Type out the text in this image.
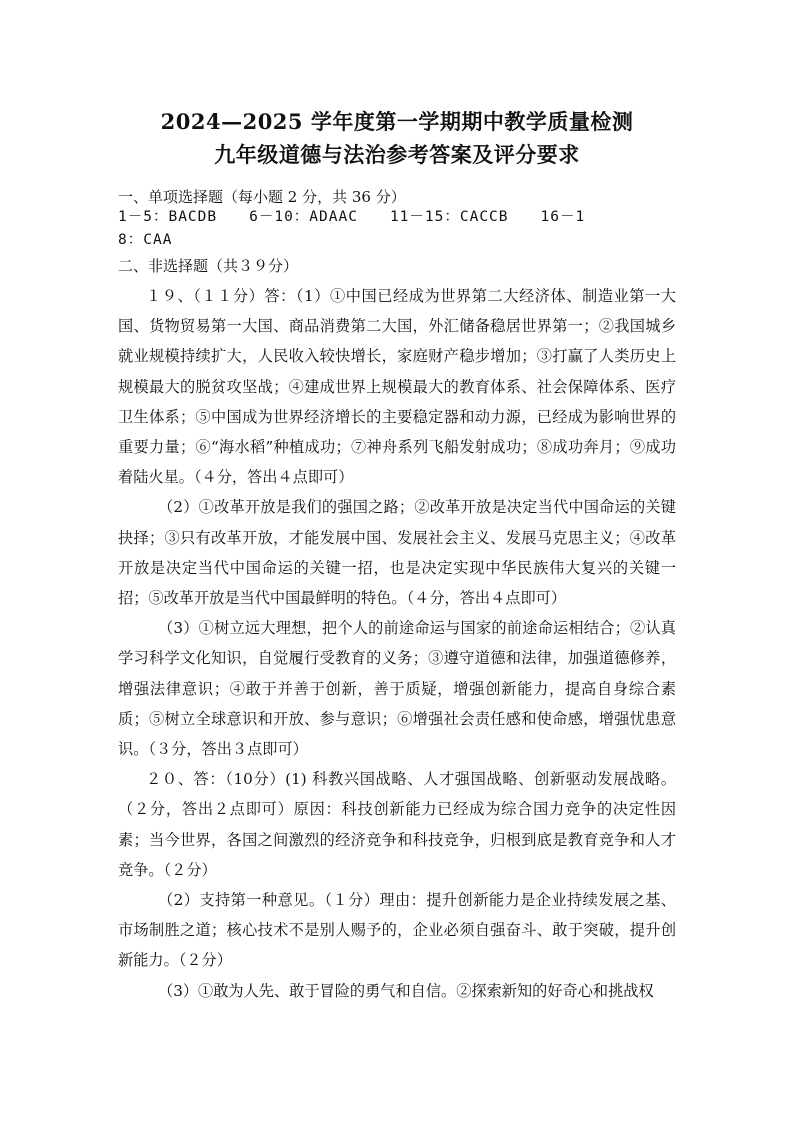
2024—2025 学年度第一学期期中教学质量检测
九年级道德与法治参考答案及评分要求
一、单项选择题（每小题 2 分，共 36 分）
1－5：BACDB 6－10：ADAAC 11－15：CACCB 16－1
8：CAA
二、非选择题（共３９分）

１９、（１１分）答：（1）①中国已经成为世界第二大经济体、制造业第一大国、货物贸易第一大国、商品消费第二大国，外汇储备稳居世界第一；②我国城乡就业规模持续扩大，人民收入较快增长，家庭财产稳步增加；③打赢了人类历史上规模最大的脱贫攻坚战；④建成世界上规模最大的教育体系、社会保障体系、医疗卫生体系；⑤中国成为世界经济增长的主要稳定器和动力源，已经成为影响世界的重要力量；⑥“海水稻”种植成功；⑦神舟系列飞船发射成功；⑧成功奔月；⑨成功着陆火星。（４分，答出４点即可）

（2）①改革开放是我们的强国之路；②改革开放是决定当代中国命运的关键抉择；③只有改革开放，才能发展中国、发展社会主义、发展马克思主义；④改革开放是决定当代中国命运的关键一招，也是决定实现中华民族伟大复兴的关键一招；⑤改革开放是当代中国最鲜明的特色。（４分，答出４点即可）

（3）①树立远大理想，把个人的前途命运与国家的前途命运相结合；②认真学习科学文化知识，自觉履行受教育的义务；③遵守道德和法律，加强道德修养，增强法律意识；④敢于并善于创新，善于质疑，增强创新能力，提高自身综合素质；⑤树立全球意识和开放、参与意识；⑥增强社会责任感和使命感，增强忧患意识。（３分，答出３点即可）

２０、答：（10分）(1) 科教兴国战略、人才强国战略、创新驱动发展战略。（２分，答出２点即可）原因：科技创新能力已经成为综合国力竞争的决定性因素；当今世界，各国之间激烈的经济竞争和科技竞争，归根到底是教育竞争和人才竞争。（２分）

（2）支持第一种意见。（１分）理由：提升创新能力是企业持续发展之基、市场制胜之道；核心技术不是别人赐予的，企业必须自强奋斗、敢于突破，提升创新能力。（２分）

（3）①敢为人先、敢于冒险的勇气和自信。②探索新知的好奇心和挑战权
